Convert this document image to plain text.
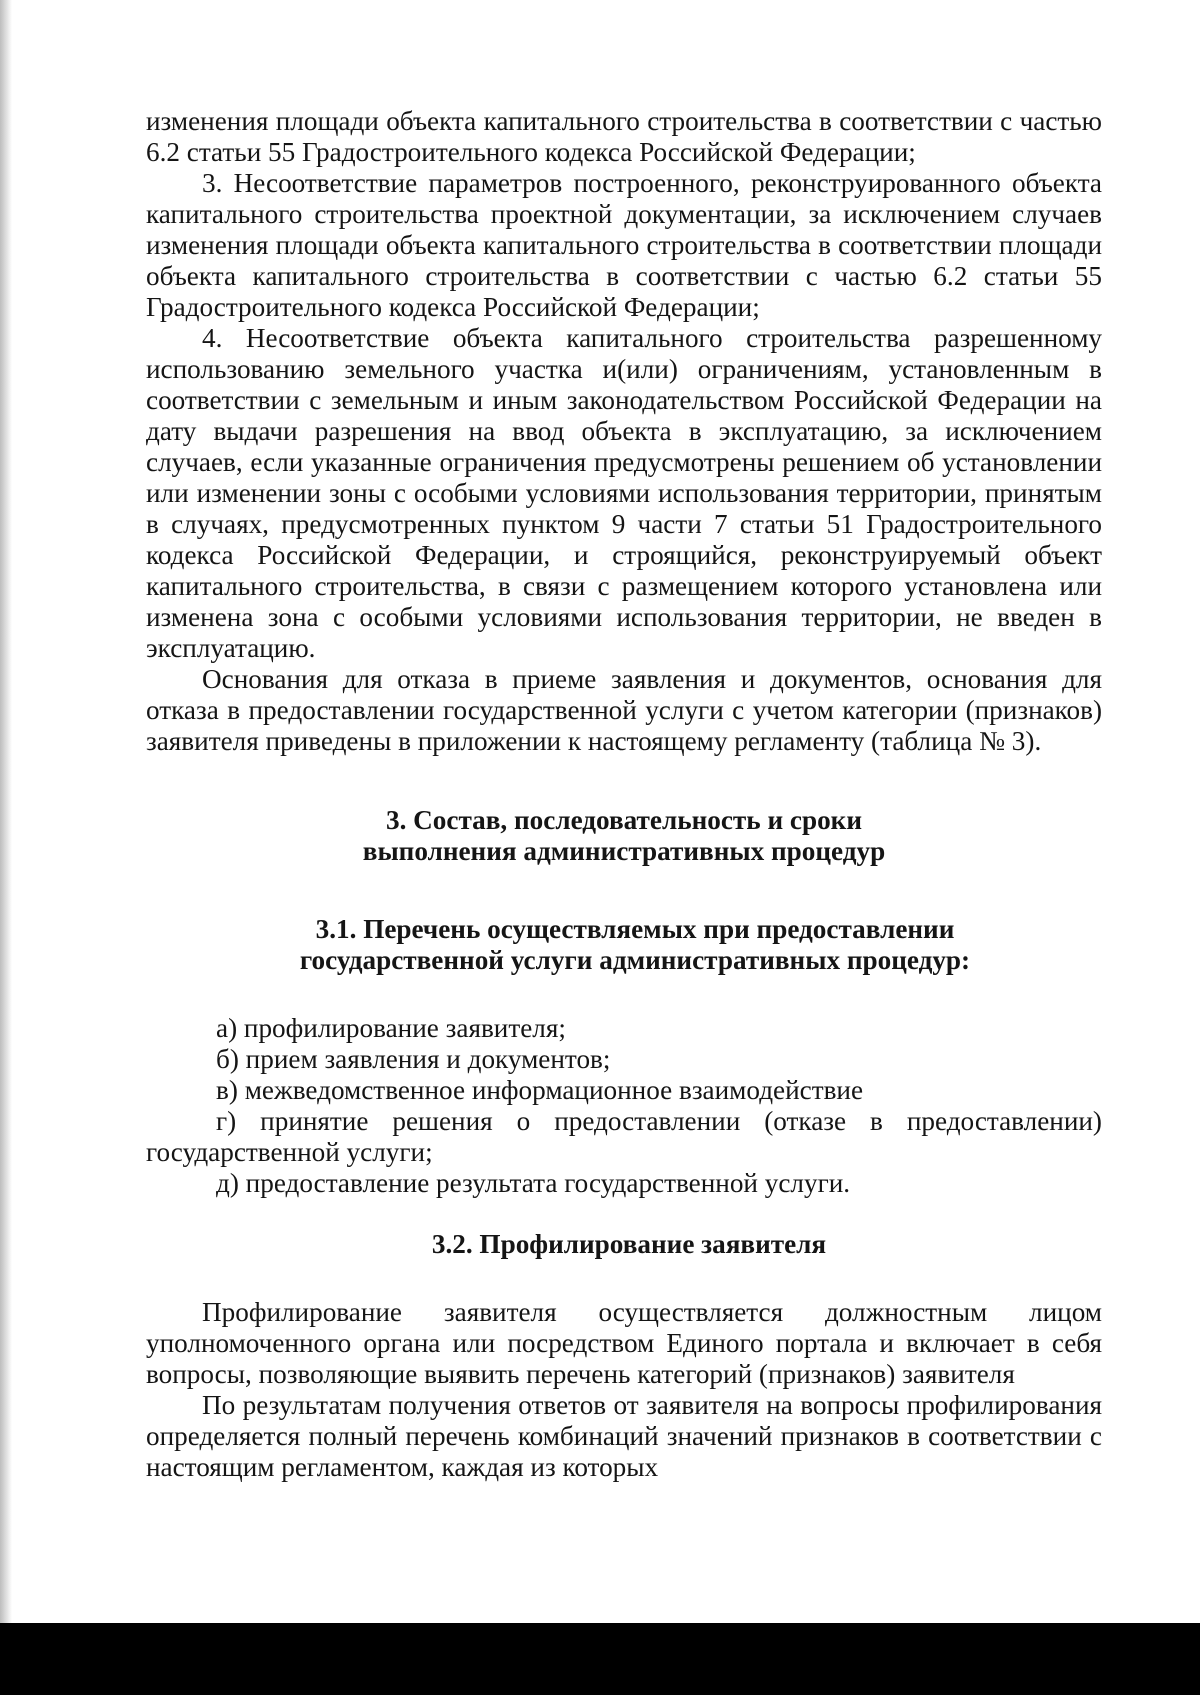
изменения площади объекта капитального строительства в соответствии с частью 6.2 статьи 55 Градостроительного кодекса Российской Федерации;

3. Несоответствие параметров построенного, реконструированного объекта капитального строительства проектной документации, за исключением случаев изменения площади объекта капитального строительства в соответствии площади объекта капитального строительства в соответствии с частью 6.2 статьи 55 Градостроительного кодекса Российской Федерации;

4. Несоответствие объекта капитального строительства разрешенному использованию земельного участка и(или) ограничениям, установленным в соответствии с земельным и иным законодательством Российской Федерации на дату выдачи разрешения на ввод объекта в эксплуатацию, за исключением случаев, если указанные ограничения предусмотрены решением об установлении или изменении зоны с особыми условиями использования территории, принятым в случаях, предусмотренных пунктом 9 части 7 статьи 51 Градостроительного кодекса Российской Федерации, и строящийся, реконструируемый объект капитального строительства, в связи с размещением которого установлена или изменена зона с особыми условиями использования территории, не введен в эксплуатацию.

Основания для отказа в приеме заявления и документов, основания для отказа в предоставлении государственной услуги с учетом категории (признаков) заявителя приведены в приложении к настоящему регламенту (таблица № 3).

3. Состав, последовательность и сроки
выполнения административных процедур
3.1. Перечень осуществляемых при предоставлении
государственной услуги административных процедур:

а) профилирование заявителя;

б) прием заявления и документов;

в) межведомственное информационное взаимодействие

г) принятие решения о предоставлении (отказе в предоставлении) государственной услуги;

д) предоставление результата государственной услуги.

3.2. Профилирование заявителя

Профилирование заявителя осуществляется должностным лицом уполномоченного органа или посредством Единого портала и включает в себя вопросы, позволяющие выявить перечень категорий (признаков) заявителя

По результатам получения ответов от заявителя на вопросы профилирования определяется полный перечень комбинаций значений признаков в соответствии с настоящим регламентом, каждая из которых
